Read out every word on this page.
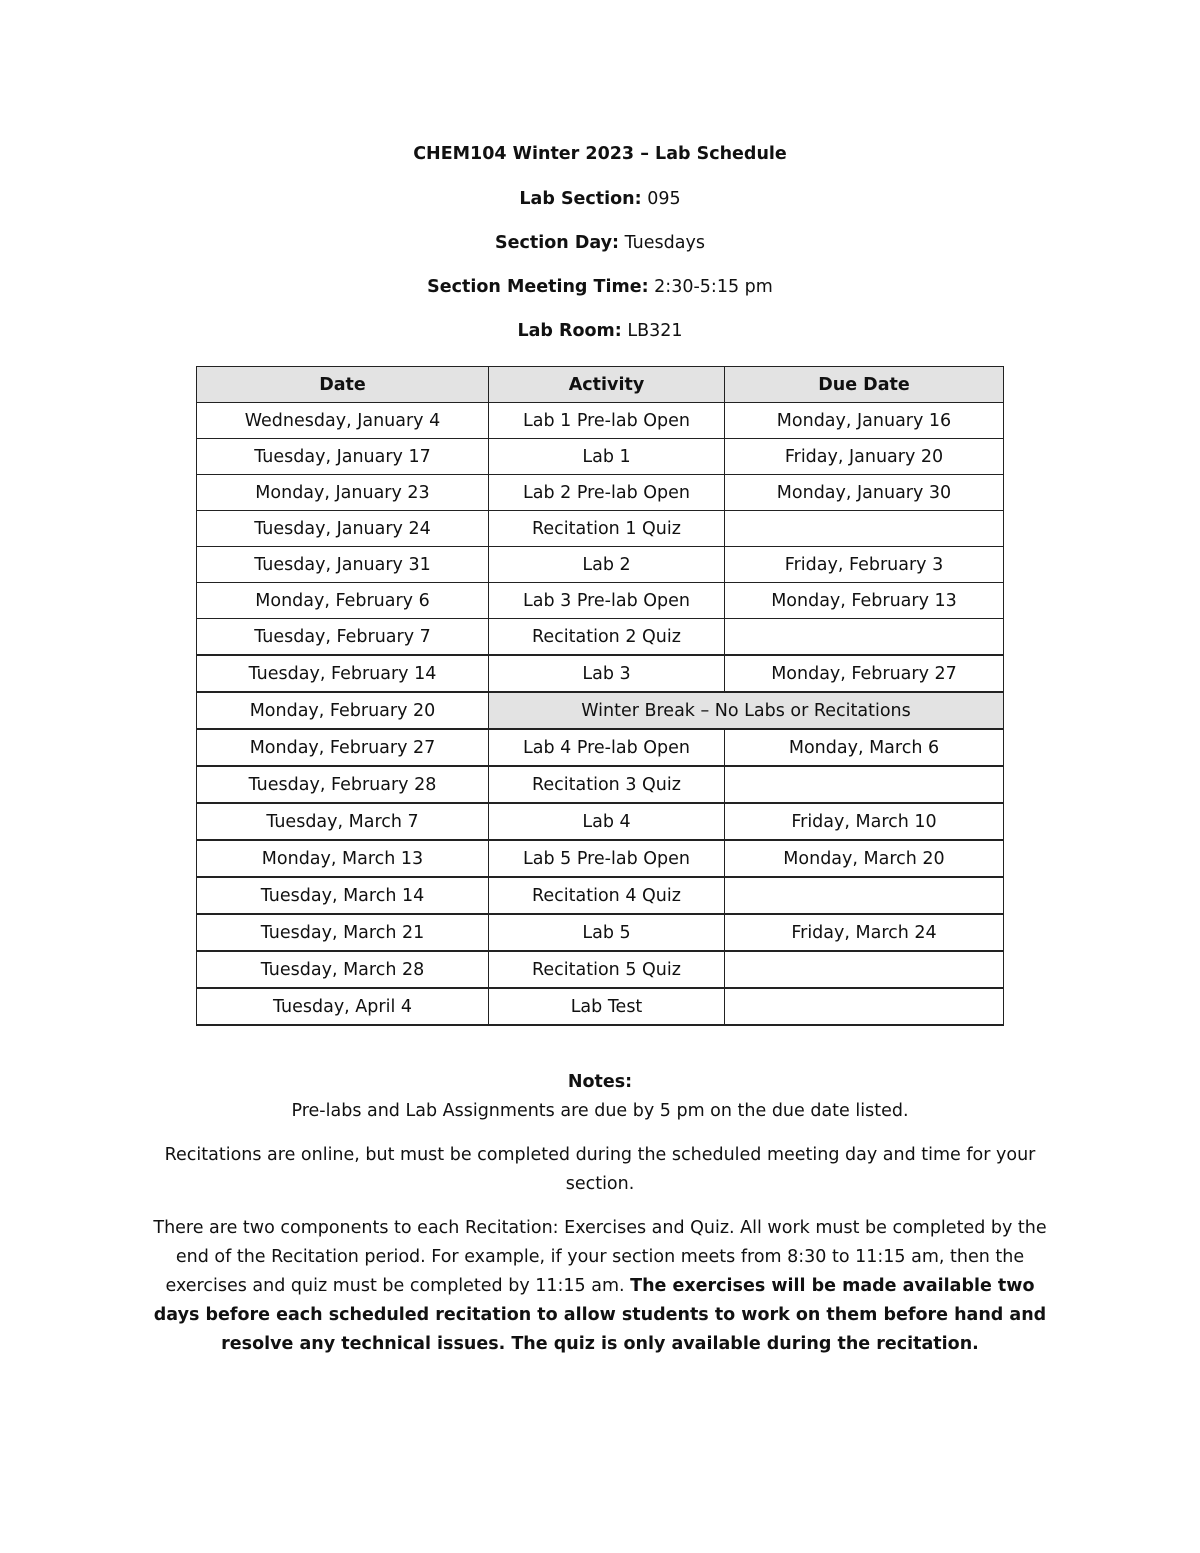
CHEM104 Winter 2023 – Lab Schedule
Lab Section: 095
Section Day: Tuesdays
Section Meeting Time: 2:30-5:15 pm
Lab Room: LB321
Date	Activity	Due Date
Wednesday, January 4	Lab 1 Pre-lab Open	Monday, January 16
Tuesday, January 17	Lab 1	Friday, January 20
Monday, January 23	Lab 2 Pre-lab Open	Monday, January 30
Tuesday, January 24	Recitation 1 Quiz	
Tuesday, January 31	Lab 2	Friday, February 3
Monday, February 6	Lab 3 Pre-lab Open	Monday, February 13
Tuesday, February 7	Recitation 2 Quiz	
Tuesday, February 14	Lab 3	Monday, February 27
Monday, February 20	Winter Break – No Labs or Recitations	
Monday, February 27	Lab 4 Pre-lab Open	Monday, March 6
Tuesday, February 28	Recitation 3 Quiz	
Tuesday, March 7	Lab 4	Friday, March 10
Monday, March 13	Lab 5 Pre-lab Open	Monday, March 20
Tuesday, March 14	Recitation 4 Quiz	
Tuesday, March 21	Lab 5	Friday, March 24
Tuesday, March 28	Recitation 5 Quiz	
Tuesday, April 4	Lab Test	
Notes:

Pre-labs and Lab Assignments are due by 5 pm on the due date listed.

Recitations are online, but must be completed during the scheduled meeting day and time for your section.

There are two components to each Recitation: Exercises and Quiz. All work must be completed by the end of the Recitation period. For example, if your section meets from 8:30 to 11:15 am, then the exercises and quiz must be completed by 11:15 am. The exercises will be made available two days before each scheduled recitation to allow students to work on them before hand and resolve any technical issues. The quiz is only available during the recitation.
